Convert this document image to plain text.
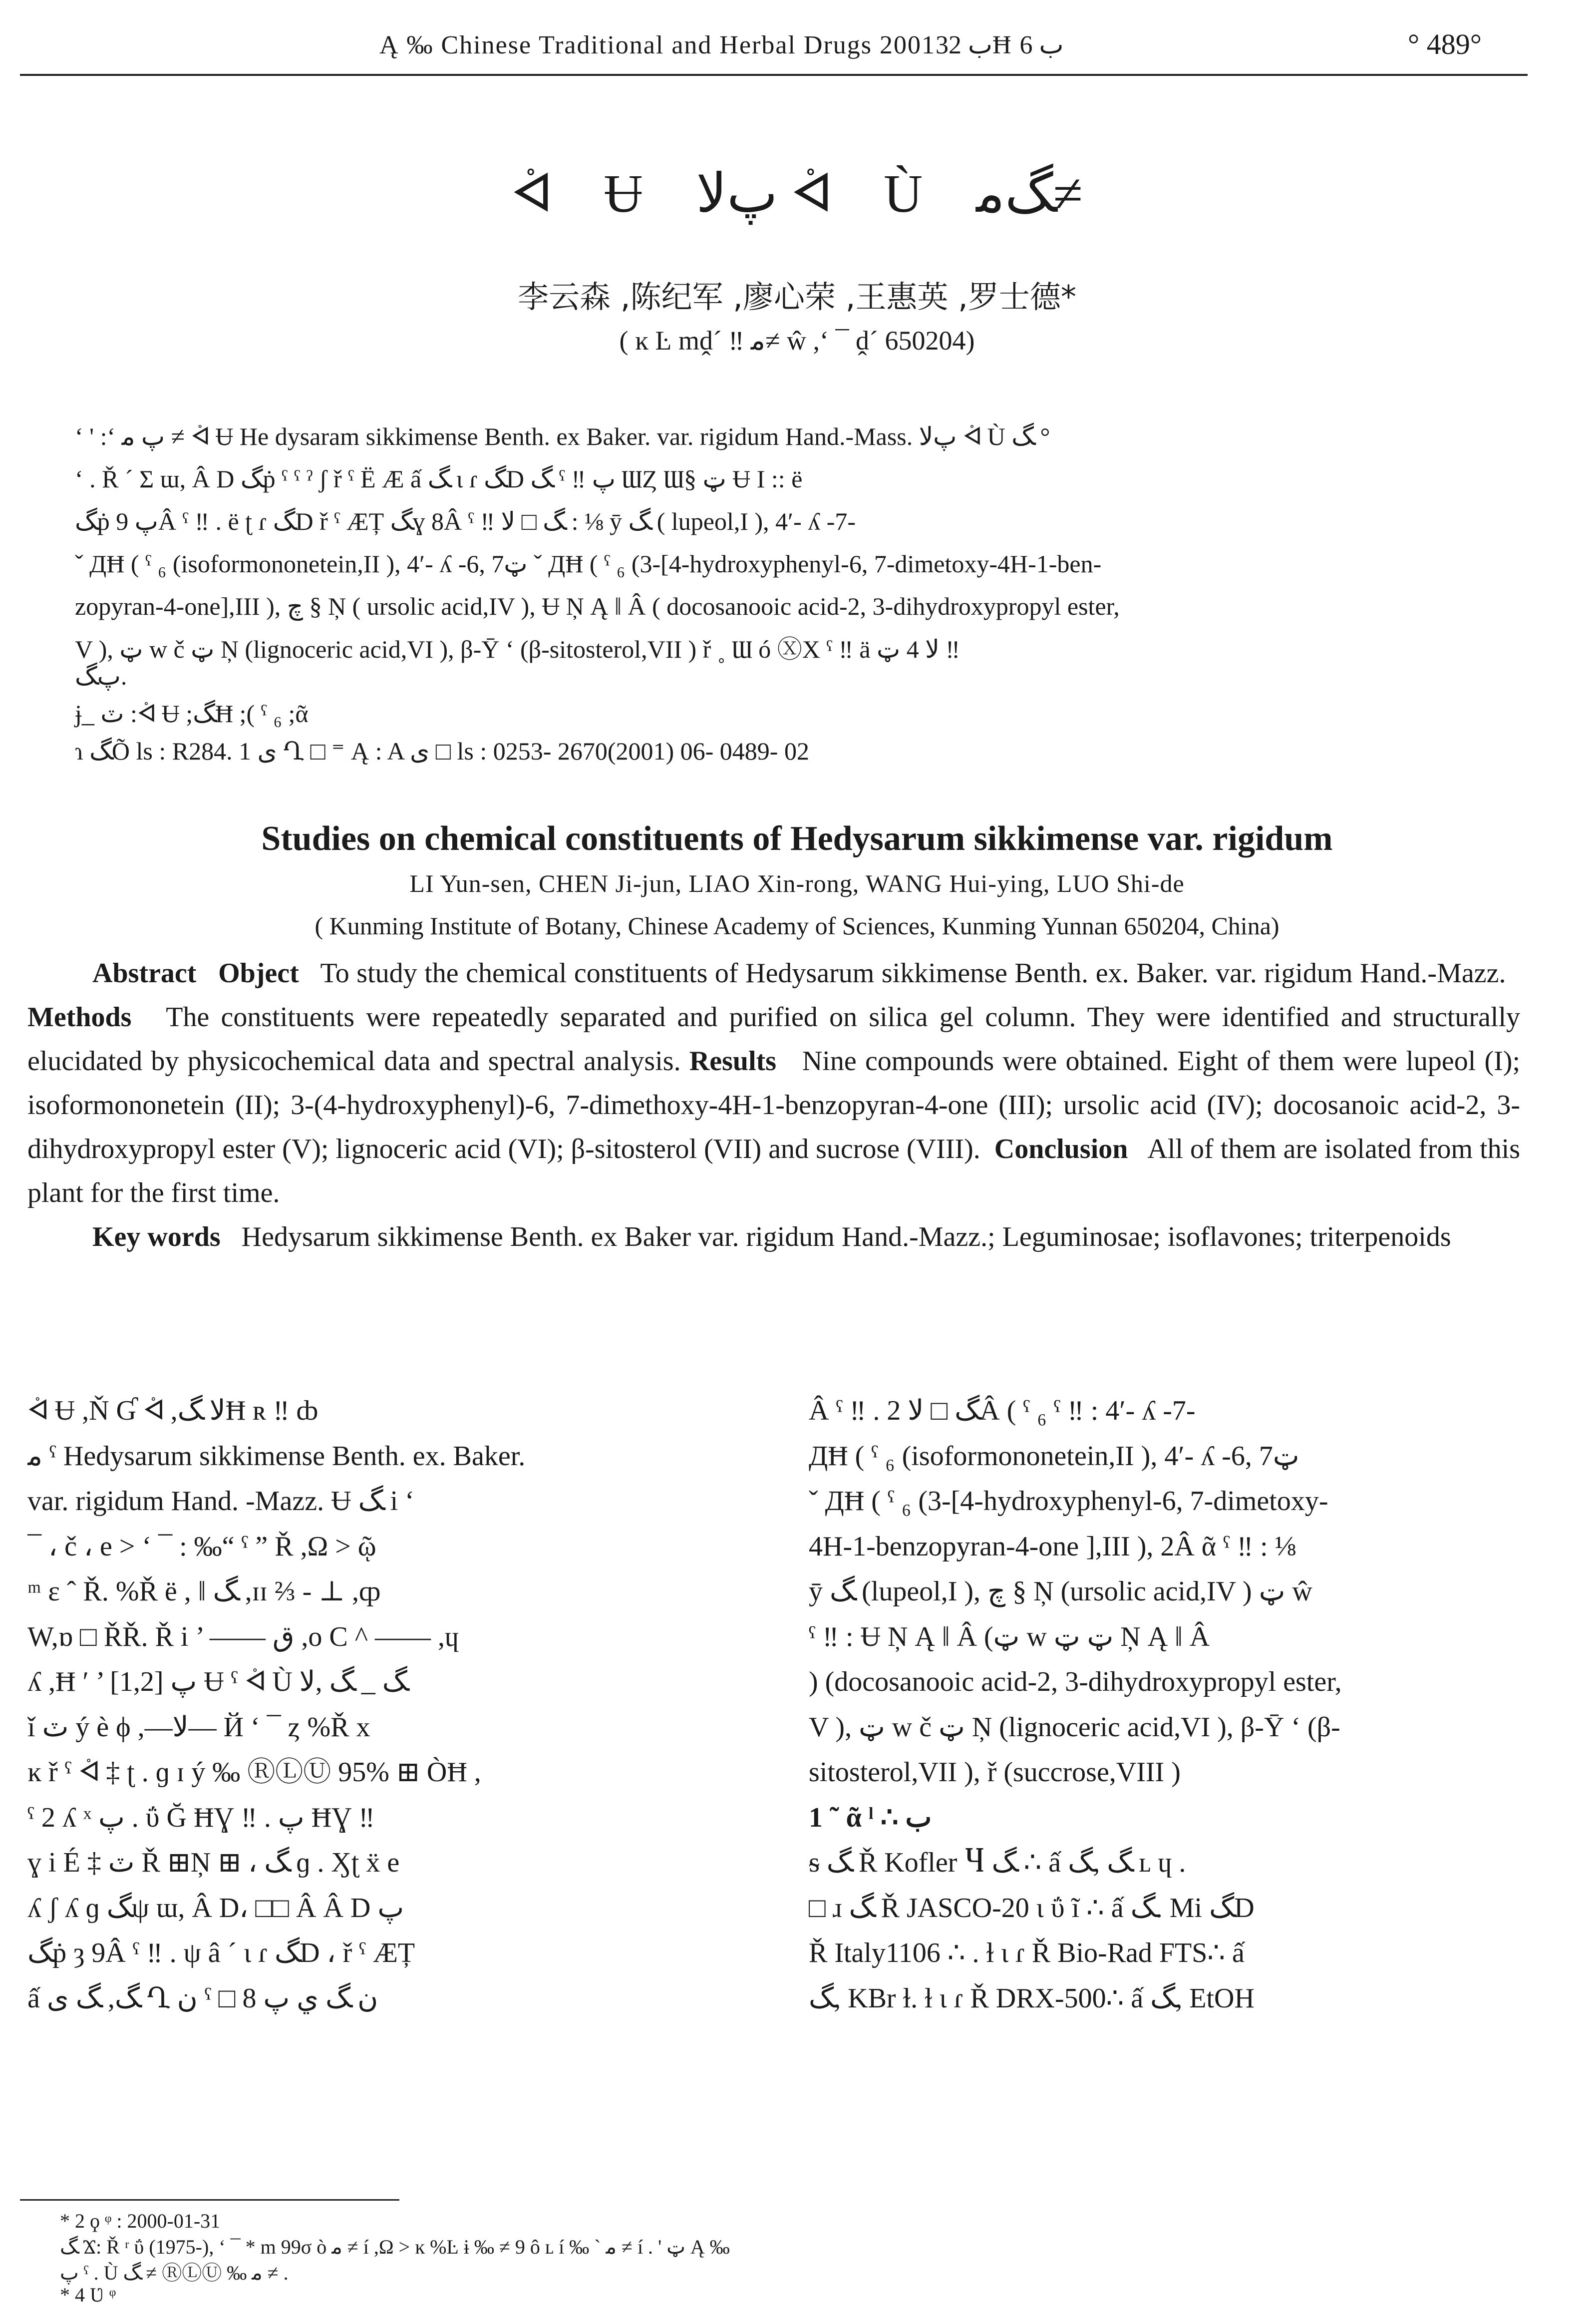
Ą ‰ Chinese Traditional and Herbal Drugs 2001ب 32Ħ ب 6	° 489°
ᢱ Ʉ ﭖلا ᢱ Ù ﮓﻣ≠
李云森 ,陈纪军 ,廖心荣 ,王惠英 ,罗士德*
( ĸ Ŀ mḓ´ ‼ ﻣ≠ ŵ ,ʻ ¯ ḓ´ 650204)
ʻ ' :ʻ ﭖ ﻣ ≠ ᢱ Ʉ He dysaram sikkimense Benth. ex Baker. var. rigidum Hand.-Mass. ﭖلا ᢱ Ù ﮓ °
ʻ . Ř ´ Σ ɯ, Â D ﮓṗ ˁ ˁ ˀ ʃ ř ˁ Ë Æ ấ ﮓ ɩ ɾ ﮓD ﮓ ˁ ‼ ﭖ ƜȤ Ɯ§ ټ Ʉ Ι :: ë
ﮓṗ ﭖ 9Â ˁ ‼ . ë ʈ ɾ ﮓD ř ˁ ÆȚ ﮓɣ 8Â ˁ ‼ ﮓ □ ﻻ : ⅛ ȳ ﮓ ( lupeol,I ), 4′- ʎ -7-
ˇ ДĦ ( ˁ ₆ (isoformononetein,II ), 4′- ʎ -6, 7ټ ˇ ДĦ ( ˁ ₆ (3-[4-hydroxyphenyl-6, 7-dimetoxy-4H-1-ben-
zopyran-4-one],III ), ﭺ § Ņ ( ursolic acid,IV ), Ʉ Ņ Ą ǁ Â ( docosanooic acid-2, 3-dihydroxypropyl ester,
V ), ټ w č ټ Ņ (lignoceric acid,VI ), β-Ȳ ʻ (β-sitosterol,VII ) ř ˳ Ɯ ó ⓍX ˁ ‼ ä ﻻ 4 ټ ‼
ﭖﮓ.
ɉ_ ٽ :ᢱ Ʉ ;ﮓĦ ;( ˁ ₆ ;ᾶ
ɿ ﮓÕ ls : R284. 1 ى Ղ □ ⁼ Ą : A ى □ ls : 0253- 2670(2001) 06- 0489- 02
Studies on chemical constituents of Hedysarum sikkimense var. rigidum
LI Yun-sen, CHEN Ji-jun, LIAO Xin-rong, WANG Hui-ying, LUO Shi-de
( Kunming Institute of Botany, Chinese Academy of Sciences, Kunming Yunnan 650204, China)

Abstract Object To study the chemical constituents of Hedysarum sikkimense Benth. ex. Baker. var. rigidum Hand.-Mazz.   Methods The constituents were repeatedly separated and purified on silica gel column. They were identified and structurally elucidated by physicochemical data and spectral analysis. Results Nine compounds were obtained. Eight of them were lupeol (I); isoformononetein (II); 3-(4-hydroxyphenyl)-6, 7-dimethoxy-4H-1-benzopyran-4-one (III); ursolic acid (IV); docosanoic acid-2, 3-dihydroxypropyl ester (V); lignoceric acid (VI); β-sitosterol (VII) and sucrose (VIII). Conclusion All of them are isolated from this plant for the first time.

Key words Hedysarum sikkimense Benth. ex Baker var. rigidum Hand.-Mazz.; Leguminosae; isoflavones; triterpenoids

ᢱ Ʉ ,Ň Ɠ ᢱ ,ﻻ ﮓĦ ʀ ‼ ȸ
ﻣ ˁ Hedysarum sikkimense Benth. ex. Baker.
var. rigidum Hand. -Mazz. Ʉ ﮓ i ʻ
¯ ، č ، e ˃ ʻ ¯ : ‰“ ˁ ” Ř ,Ω ˃ ῷ
ᵐ ε ˆ Ř. %Ř ë , ǁ ﮓ ,ɪɪ ⅔ - ⊥ ,ȹ
W,ɒ □ ŘŘ. Ř i ’ —— ق ,o C ^ —— ,ɥ
ʎ ,Ħ ′ ’ ﭖ [1,2] Ʉ ˁ ᢱ Ù ﮓ _ ﮓ ,ﻻ
ǐ ٽ ý è ϕ ,—ﻻ— Й ʻ ¯ ȥ %Ř x
ĸ ř ˁ ᢱ ‡ ʈ . ɡ ɪ ý ‰ ⓇⓁⓊ 95% ⊞ ÒĦ ,
ˁ 2 ʎ ˣ ﭖ . ΰ Ğ ĦƔ ‼ . ﭖ ĦƔ ‼
ɣ i É ‡ ٽ Ř ⊞Ņ ⊞ ، ﮓ ɡ . Ӽʈ ẍ e
ʎ ʃ ʎ ɡ ﮓψ ɯ, Â D، □□ Â Â D ﭖ
ﮓṗ ȝ 9Â ˁ ‼ . ψ â ´ ɩ ɾ ﮓD ، ř ˁ ÆȚ
ấ ﮓ, ﮓ ى Ղ ﻥ ˁ □ ﻥ ﮓ ي ﭖ 8
Â ˁ ‼ . ﮓ □ ﻻ 2Â ( ˁ ₆ ˁ ‼ : 4′- ʎ -7-
ДĦ ( ˁ ₆ (isoformononetein,II ), 4′- ʎ -6, 7ټ
ˇ ДĦ ( ˁ ₆ (3-[4-hydroxyphenyl-6, 7-dimetoxy-
4H-1-benzopyran-4-one ],III ), 2Â ᾶ ˁ ‼ : ⅛
ȳ ﮓ (lupeol,I ), ﭺ § Ņ (ursolic acid,IV ) ټ ŵ
ˁ ‼ : Ʉ Ņ Ą ǁ Â (ټ w ټ ټ Ņ Ą ǁ Â
) (docosanooic acid-2, 3-dihydroxypropyl ester,
V ), ټ w č ټ Ņ (lignoceric acid,VI ), β-Ȳ ʻ (β-
sitosterol,VII ), ř (succrose,VIII )
1 ˜ ᾶ ˡ ∴ ب
ᵴ ﮓ Ř Kofler Ⴗ ﮓ ∴ ấ ﮓ ,ﮓ ʟ ɥ .
□ ɹ ﮓ Ř JASCO-20 ɩ ΰ ĩ ∴ ấ ﮓ. Mi ﮓD
Ř Italy1106 ∴ . ɫ ɩ ɾ Ř Bio-Rad FTS∴ ấ
ﮓ, KBr ɫ. ɫ ɩ ɾ Ř DRX-500∴ ấ ﮓ, EtOH
* 2 ϙ ᵠ : 2000-01-31
ﮓ Ϫ: Ř ʳ ΰ (1975-), ʻ ¯ * m 99σ ò ﻣ ≠ í ,Ω ˃ ĸ %Ŀ ɨ ‰ ≠ 9 ô ʟ í ‰ ` ﻣ ≠ í . ' ټ Ą ‰
ﭖ ˁ . Ù ﮓ ≠ ⓇⓁⓊ ‰ ﻣ ≠ .
* 4 Ʋ ᵠ
